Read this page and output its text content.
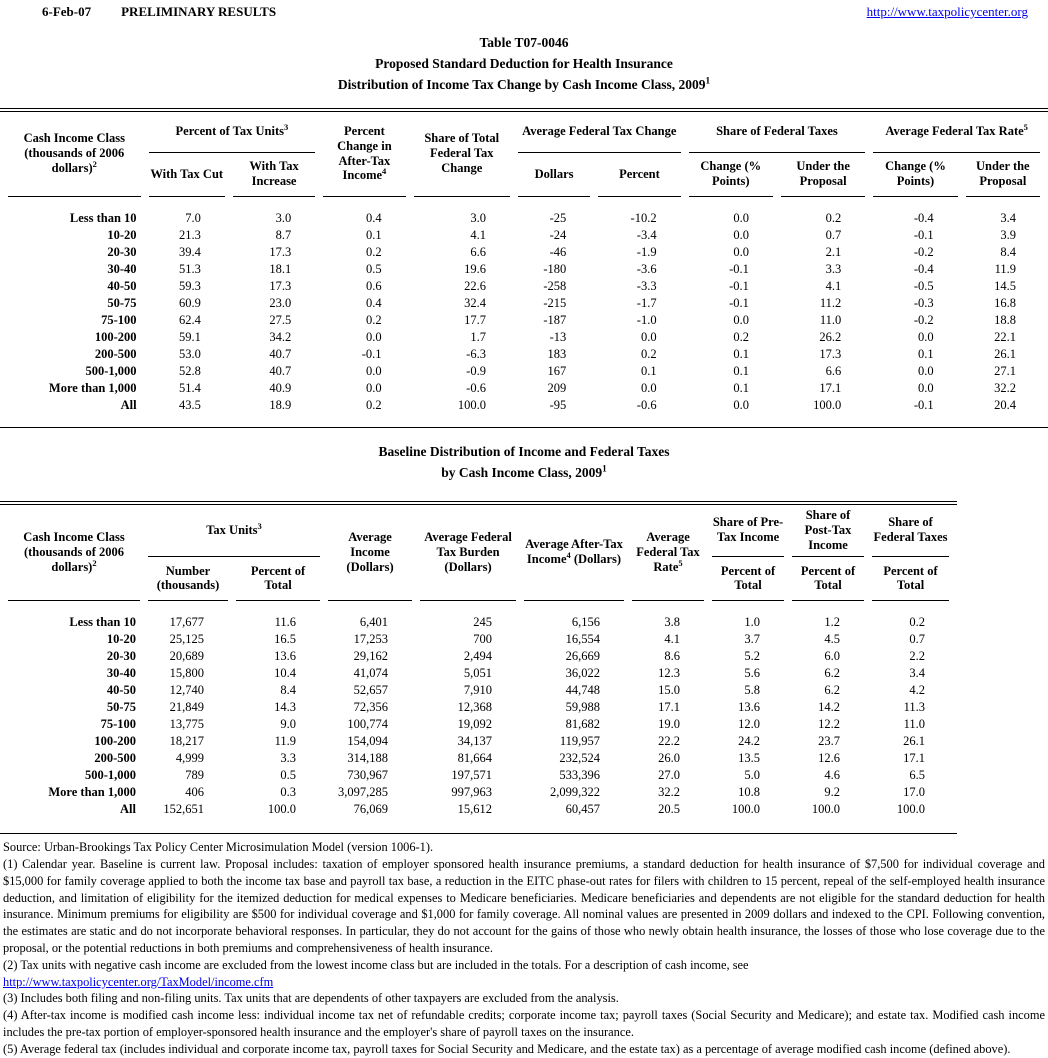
6-Feb-07 PRELIMINARY RESULTS	http://www.taxpolicycenter.org
Table T07-0046
Proposed Standard Deduction for Health Insurance
Distribution of Income Tax Change by Cash Income Class, 2009$^1$
Cash Income Class (thousands of 2006 dollars)$^2$	Percent of Tax Units$^3$		Percent Change in After-Tax Income$^4$	Share of Total Federal Tax Change	Average Federal Tax Change		Share of Federal Taxes		Average Federal Tax Rate$^5$
	With Tax Cut	With Tax Increase			Dollars	Percent	Change (% Points)	Under the Proposal	Change (% Points)	Under the Proposal
Less than 10	7.0	3.0	0.4	3.0	-25	-10.2	0.0	0.2	-0.4	3.4
10-20	21.3	8.7	0.1	4.1	-24	-3.4	0.0	0.7	-0.1	3.9
20-30	39.4	17.3	0.2	6.6	-46	-1.9	0.0	2.1	-0.2	8.4
30-40	51.3	18.1	0.5	19.6	-180	-3.6	-0.1	3.3	-0.4	11.9
40-50	59.3	17.3	0.6	22.6	-258	-3.3	-0.1	4.1	-0.5	14.5
50-75	60.9	23.0	0.4	32.4	-215	-1.7	-0.1	11.2	-0.3	16.8
75-100	62.4	27.5	0.2	17.7	-187	-1.0	0.0	11.0	-0.2	18.8
100-200	59.1	34.2	0.0	1.7	-13	0.0	0.2	26.2	0.0	22.1
200-500	53.0	40.7	-0.1	-6.3	183	0.2	0.1	17.3	0.1	26.1
500-1,000	52.8	40.7	0.0	-0.9	167	0.1	0.1	6.6	0.0	27.1
More than 1,000	51.4	40.9	0.0	-0.6	209	0.0	0.1	17.1	0.0	32.2
All	43.5	18.9	0.2	100.0	-95	-0.6	0.0	100.0	-0.1	20.4
Baseline Distribution of Income and Federal Taxes
by Cash Income Class, 2009$^1$
Cash Income Class (thousands of 2006 dollars)$^2$	Tax Units$^3$		Average Income (Dollars)	Average Federal Tax Burden (Dollars)	Average After-Tax Income$^4$ (Dollars)	Average Federal Tax Rate$^5$	Share of Pre-Tax Income	Share of Post-Tax Income	Share of Federal Taxes
	Number (thousands)	Percent of Total					Percent of Total	Percent of Total	Percent of Total
Less than 10	17,677	11.6	6,401	245	6,156	3.8	1.0	1.2	0.2
10-20	25,125	16.5	17,253	700	16,554	4.1	3.7	4.5	0.7
20-30	20,689	13.6	29,162	2,494	26,669	8.6	5.2	6.0	2.2
30-40	15,800	10.4	41,074	5,051	36,022	12.3	5.6	6.2	3.4
40-50	12,740	8.4	52,657	7,910	44,748	15.0	5.8	6.2	4.2
50-75	21,849	14.3	72,356	12,368	59,988	17.1	13.6	14.2	11.3
75-100	13,775	9.0	100,774	19,092	81,682	19.0	12.0	12.2	11.0
100-200	18,217	11.9	154,094	34,137	119,957	22.2	24.2	23.7	26.1
200-500	4,999	3.3	314,188	81,664	232,524	26.0	13.5	12.6	17.1
500-1,000	789	0.5	730,967	197,571	533,396	27.0	5.0	4.6	6.5
More than 1,000	406	0.3	3,097,285	997,963	2,099,322	32.2	10.8	9.2	17.0
All	152,651	100.0	76,069	15,612	60,457	20.5	100.0	100.0	100.0
Source: Urban-Brookings Tax Policy Center Microsimulation Model (version 1006-1).
(1) Calendar year. Baseline is current law. Proposal includes: taxation of employer sponsored health insurance premiums, a standard deduction for health insurance of $7,500 for individual coverage and $15,000 for family coverage applied to both the income tax base and payroll tax base, a reduction in the EITC phase-out rates for filers with children to 15 percent, repeal of the self-employed health insurance deduction, and limitation of eligibility for the itemized deduction for medical expenses to Medicare beneficiaries. Medicare beneficiaries and dependents are not eligible for the standard deduction for health insurance. Minimum premiums for eligibility are $500 for individual coverage and $1,000 for family coverage. All nominal values are presented in 2009 dollars and indexed to the CPI. Following convention, the estimates are static and do not incorporate behavioral responses. In particular, they do not account for the gains of those who newly obtain health insurance, the losses of those who lose coverage due to the proposal, or the potential reductions in both premiums and comprehensiveness of health insurance.
(2) Tax units with negative cash income are excluded from the lowest income class but are included in the totals. For a description of cash income, see
http://www.taxpolicycenter.org/TaxModel/income.cfm
(3) Includes both filing and non-filing units. Tax units that are dependents of other taxpayers are excluded from the analysis.
(4) After-tax income is modified cash income less: individual income tax net of refundable credits; corporate income tax; payroll taxes (Social Security and Medicare); and estate tax. Modified cash income includes the pre-tax portion of employer-sponsored health insurance and the employer's share of payroll taxes on the insurance.
(5) Average federal tax (includes individual and corporate income tax, payroll taxes for Social Security and Medicare, and the estate tax) as a percentage of average modified cash income (defined above).
